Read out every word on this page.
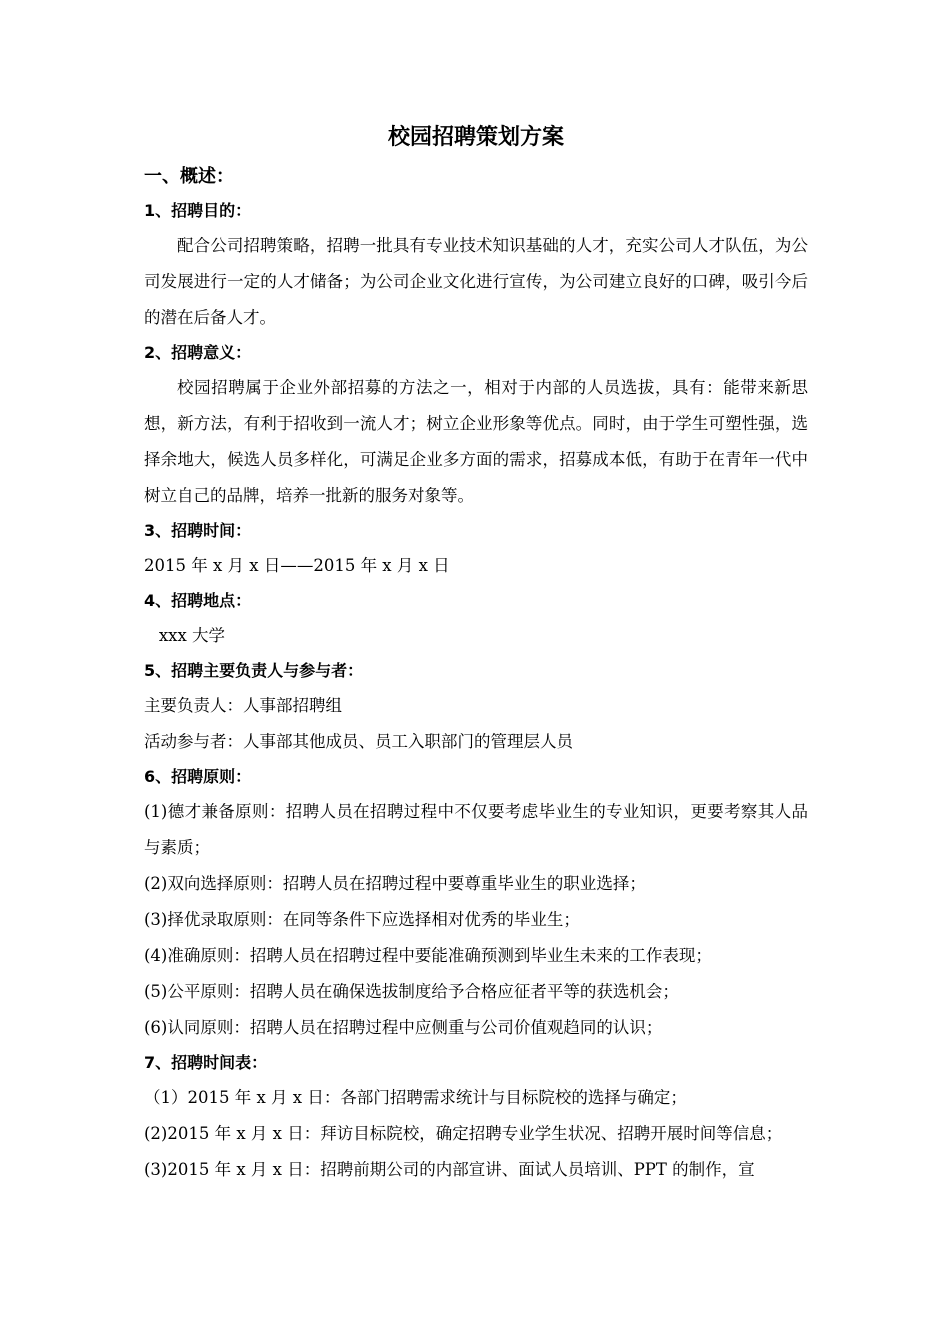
校园招聘策划方案
一、概述：
1、招聘目的：
配合公司招聘策略，招聘一批具有专业技术知识基础的人才，充实公司人才队伍，为公司发展进行一定的人才储备；为公司企业文化进行宣传，为公司建立良好的口碑，吸引今后的潜在后备人才。
2、招聘意义：
校园招聘属于企业外部招募的方法之一，相对于内部的人员选拔，具有：能带来新思想，新方法，有利于招收到一流人才；树立企业形象等优点。同时，由于学生可塑性强，选择余地大，候选人员多样化，可满足企业多方面的需求，招募成本低，有助于在青年一代中树立自己的品牌，培养一批新的服务对象等。
3、招聘时间：
2015 年 x 月 x 日——2015 年 x 月 x 日
4、招聘地点：
xxx 大学
5、招聘主要负责人与参与者：
主要负责人：人事部招聘组
活动参与者：人事部其他成员、员工入职部门的管理层人员
6、招聘原则：
(1)德才兼备原则：招聘人员在招聘过程中不仅要考虑毕业生的专业知识，更要考察其人品与素质；
(2)双向选择原则：招聘人员在招聘过程中要尊重毕业生的职业选择；
(3)择优录取原则：在同等条件下应选择相对优秀的毕业生；
(4)准确原则：招聘人员在招聘过程中要能准确预测到毕业生未来的工作表现；
(5)公平原则：招聘人员在确保选拔制度给予合格应征者平等的获选机会；
(6)认同原则：招聘人员在招聘过程中应侧重与公司价值观趋同的认识；
7、招聘时间表：
（1）2015 年 x 月 x 日：各部门招聘需求统计与目标院校的选择与确定；
(2)2015 年 x 月 x 日：拜访目标院校，确定招聘专业学生状况、招聘开展时间等信息；
(3)2015 年 x 月 x 日：招聘前期公司的内部宣讲、面试人员培训、PPT 的制作，宣
